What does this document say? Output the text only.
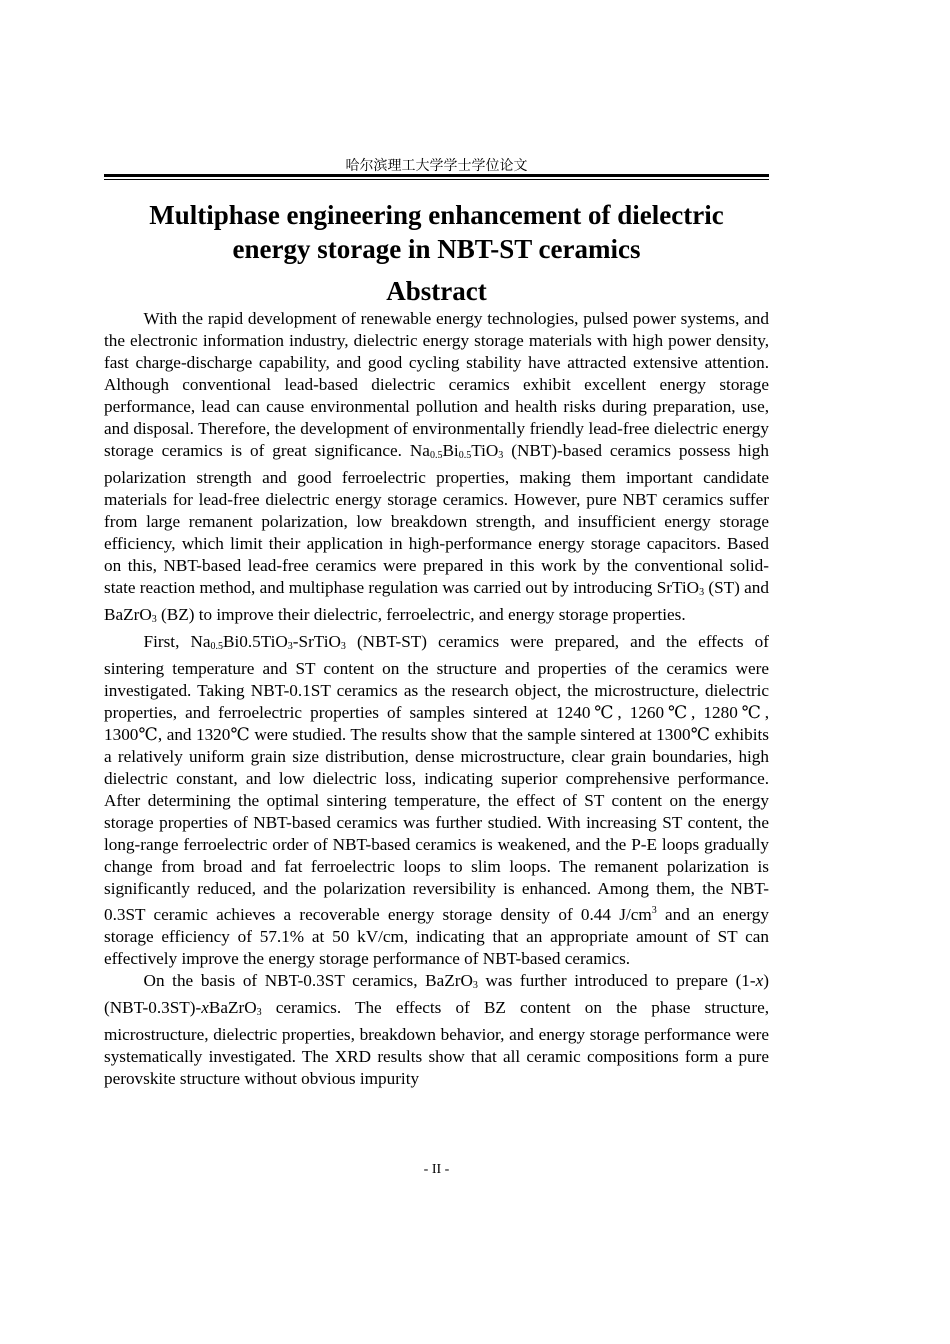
哈尔滨理工大学学士学位论文
Multiphase engineering enhancement of dielectric
energy storage in NBT-ST ceramics
Abstract

With the rapid development of renewable energy technologies, pulsed power systems, and the electronic information industry, dielectric energy storage materials with high power density, fast charge-discharge capability, and good cycling stability have attracted extensive attention. Although conventional lead-based dielectric ceramics exhibit excellent energy storage performance, lead can cause environmental pollution and health risks during preparation, use, and disposal. Therefore, the development of environmentally friendly lead-free dielectric energy storage ceramics is of great significance. $Na_{0.5}Bi_{0.5}TiO_3$ (NBT)-based ceramics possess high polarization strength and good ferroelectric properties, making them important candidate materials for lead-free dielectric energy storage ceramics. However, pure NBT ceramics suffer from large remanent polarization, low breakdown strength, and insufficient energy storage efficiency, which limit their application in high-performance energy storage capacitors. Based on this, NBT-based lead-free ceramics were prepared in this work by the conventional solid-state reaction method, and multiphase regulation was carried out by introducing SrTiO$_3$ (ST) and BaZrO$_3$ (BZ) to improve their dielectric, ferroelectric, and energy storage properties.

First, $Na_{0.5}Bi0.5TiO_3-SrTiO_3$ (NBT-ST) ceramics were prepared, and the effects of sintering temperature and ST content on the structure and properties of the ceramics were investigated. Taking NBT-0.1ST ceramics as the research object, the microstructure, dielectric properties, and ferroelectric properties of samples sintered at 1240℃, 1260℃, 1280℃, 1300℃, and 1320℃ were studied. The results show that the sample sintered at 1300℃ exhibits a relatively uniform grain size distribution, dense microstructure, clear grain boundaries, high dielectric constant, and low dielectric loss, indicating superior comprehensive performance. After determining the optimal sintering temperature, the effect of ST content on the energy storage properties of NBT-based ceramics was further studied. With increasing ST content, the long-range ferroelectric order of NBT-based ceramics is weakened, and the P-E loops gradually change from broad and fat ferroelectric loops to slim loops. The remanent polarization is significantly reduced, and the polarization reversibility is enhanced. Among them, the NBT-0.3ST ceramic achieves a recoverable energy storage density of 0.44 $J/cm^3$ and an energy storage efficiency of 57.1% at 50 kV/cm, indicating that an appropriate amount of ST can effectively improve the energy storage performance of NBT-based ceramics.

On the basis of NBT-0.3ST ceramics, BaZrO$_3$ was further introduced to prepare (1-x)(NBT-0.3ST)-xBaZrO$_3$ ceramics. The effects of BZ content on the phase structure, microstructure, dielectric properties, breakdown behavior, and energy storage performance were systematically investigated. The XRD results show that all ceramic compositions form a pure perovskite structure without obvious impurity

- II -
